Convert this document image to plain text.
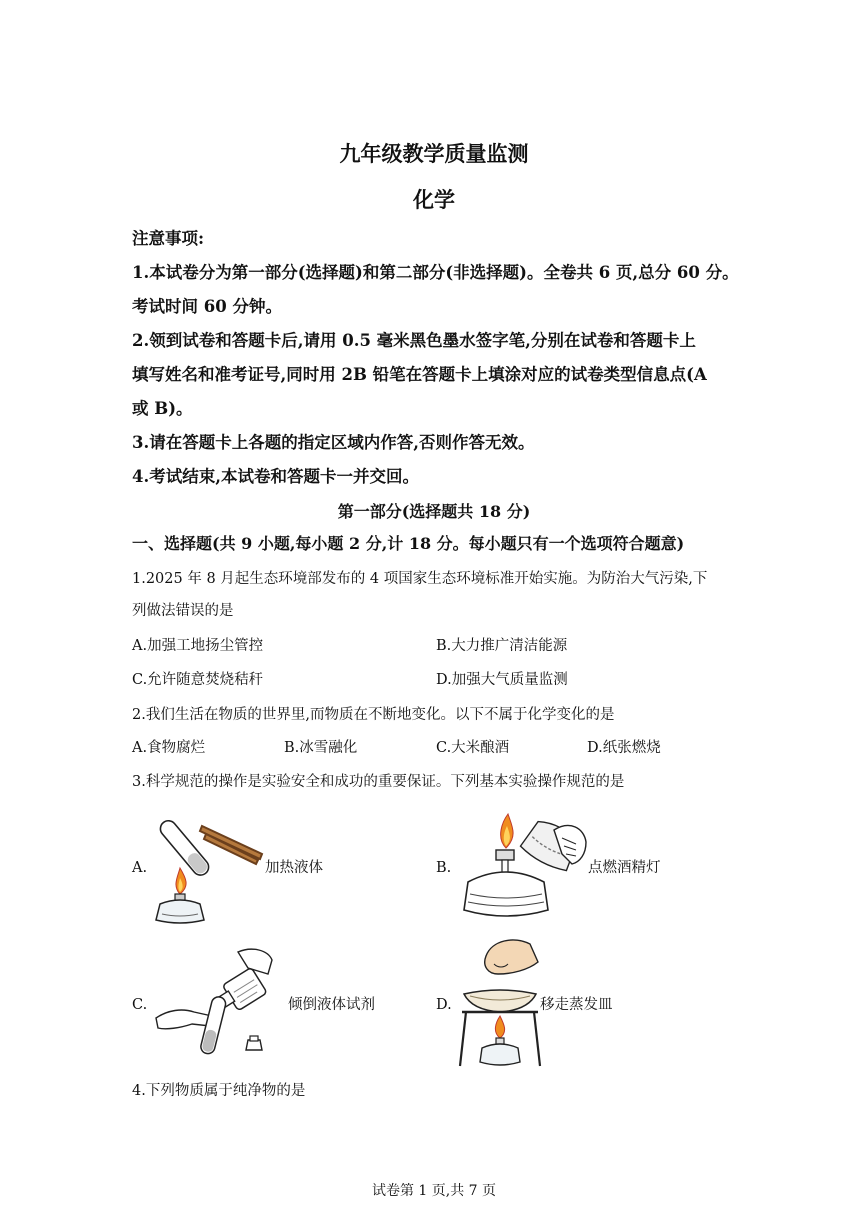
九年级教学质量监测
化学
注意事项:
1.本试卷分为第一部分(选择题)和第二部分(非选择题)。全卷共 6 页,总分 60 分。
考试时间 60 分钟。
2.领到试卷和答题卡后,请用 0.5 毫米黑色墨水签字笔,分别在试卷和答题卡上
填写姓名和准考证号,同时用 2B 铅笔在答题卡上填涂对应的试卷类型信息点(A
或 B)。
3.请在答题卡上各题的指定区域内作答,否则作答无效。
4.考试结束,本试卷和答题卡一并交回。
第一部分(选择题共 18 分)
一、选择题(共 9 小题,每小题 2 分,计 18 分。每小题只有一个选项符合题意)
1.2025 年 8 月起生态环境部发布的 4 项国家生态环境标准开始实施。为防治大气污染,下
列做法错误的是
A.加强工地扬尘管控	B.大力推广清洁能源
C.允许随意焚烧秸秆	D.加强大气质量监测
2.我们生活在物质的世界里,而物质在不断地变化。以下不属于化学变化的是
A.食物腐烂	B.冰雪融化	C.大米酿酒	D.纸张燃烧
3.科学规范的操作是实验安全和成功的重要保证。下列基本实验操作规范的是
A.	加热液体	B.	点燃酒精灯
C.	倾倒液体试剂	D.	移走蒸发皿
4.下列物质属于纯净物的是
试卷第 1 页,共 7 页
